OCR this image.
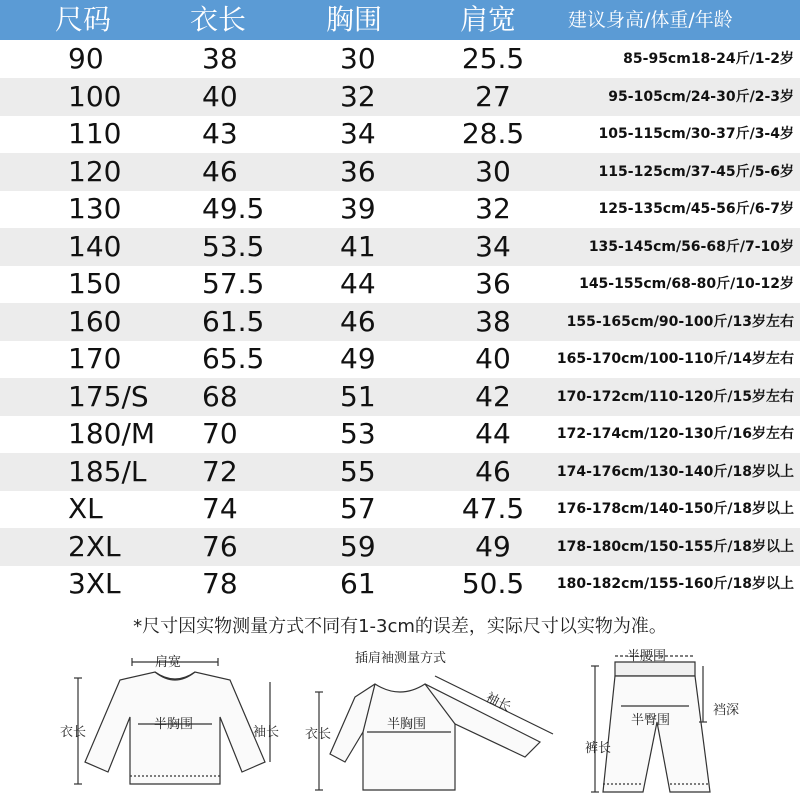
尺码	衣长	胸围	肩宽	建议身高/体重/年龄
90	38	30	25.5	85-95cm18-24斤/1-2岁
100	40	32	27	95-105cm/24-30斤/2-3岁
110	43	34	28.5	105-115cm/30-37斤/3-4岁
120	46	36	30	115-125cm/37-45斤/5-6岁
130	49.5	39	32	125-135cm/45-56斤/6-7岁
140	53.5	41	34	135-145cm/56-68斤/7-10岁
150	57.5	44	36	145-155cm/68-80斤/10-12岁
160	61.5	46	38	155-165cm/90-100斤/13岁左右
170	65.5	49	40	165-170cm/100-110斤/14岁左右
175/S 68	51	42	170-172cm/110-120斤/15岁左右
180/M 70	53	44	172-174cm/120-130斤/16岁左右
185/L 72	55	46	174-176cm/130-140斤/18岁以上
XL	74	57	47.5 176-178cm/140-150斤/18岁以上
2XL	76	59	49	178-180cm/150-155斤/18岁以上
3XL	78	61	50.5 180-182cm/155-160斤/18岁以上
*尺寸因实物测量方式不同有1-3cm的误差，实际尺寸以实物为准。
肩宽
半胸围
衣长	袖长
插肩袖测量方式
袖长
衣长
半胸围
半腰围
半臀围
裤长
裆深
